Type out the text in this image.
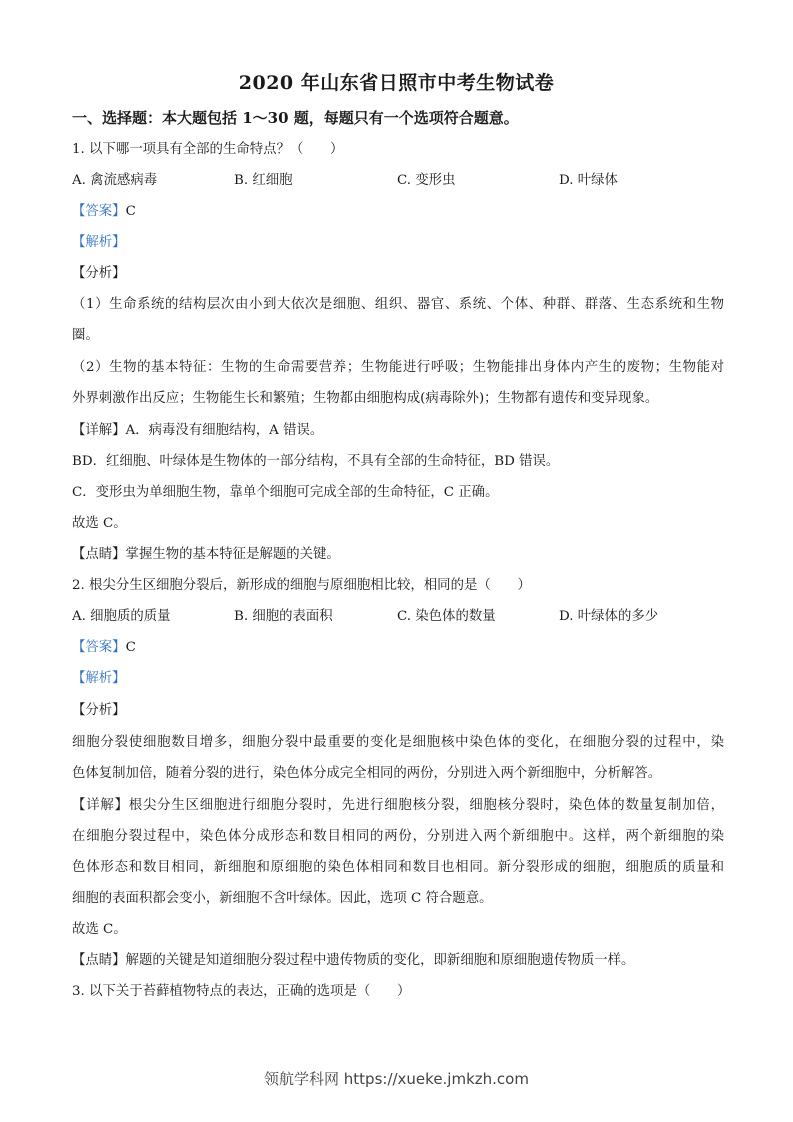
2020 年山东省日照市中考生物试卷
一、选择题：本大题包括 1～30 题，每题只有一个选项符合题意。
1. 以下哪一项具有全部的生命特点？（　　）
A. 禽流感病毒	B. 红细胞	C. 变形虫	D. 叶绿体
【答案】C
【解析】
【分析】
（1）生命系统的结构层次由小到大依次是细胞、组织、器官、系统、个体、种群、群落、生态系统和生物
圈。
（2）生物的基本特征：生物的生命需要营养；生物能进行呼吸；生物能排出身体内产生的废物；生物能对
外界刺激作出反应；生物能生长和繁殖；生物都由细胞构成(病毒除外)；生物都有遗传和变异现象。
【详解】A．病毒没有细胞结构，A 错误。
BD．红细胞、叶绿体是生物体的一部分结构，不具有全部的生命特征，BD 错误。
C．变形虫为单细胞生物，靠单个细胞可完成全部的生命特征，C 正确。
故选 C。
【点睛】掌握生物的基本特征是解题的关键。
2. 根尖分生区细胞分裂后，新形成的细胞与原细胞相比较，相同的是（　　）
A. 细胞质的质量	B. 细胞的表面积	C. 染色体的数量	D. 叶绿体的多少
【答案】C
【解析】
【分析】
细胞分裂使细胞数目增多，细胞分裂中最重要的变化是细胞核中染色体的变化，在细胞分裂的过程中，染
色体复制加倍，随着分裂的进行，染色体分成完全相同的两份，分别进入两个新细胞中，分析解答。
【详解】根尖分生区细胞进行细胞分裂时，先进行细胞核分裂，细胞核分裂时，染色体的数量复制加倍，
在细胞分裂过程中，染色体分成形态和数目相同的两份，分别进入两个新细胞中。这样，两个新细胞的染
色体形态和数目相同，新细胞和原细胞的染色体相同和数目也相同。新分裂形成的细胞，细胞质的质量和
细胞的表面积都会变小，新细胞不含叶绿体。因此，选项 C 符合题意。
故选 C。
【点睛】解题的关键是知道细胞分裂过程中遗传物质的变化，即新细胞和原细胞遗传物质一样。
3. 以下关于苔藓植物特点的表达，正确的选项是（　　）
领航学科网 https://xueke.jmkzh.com
